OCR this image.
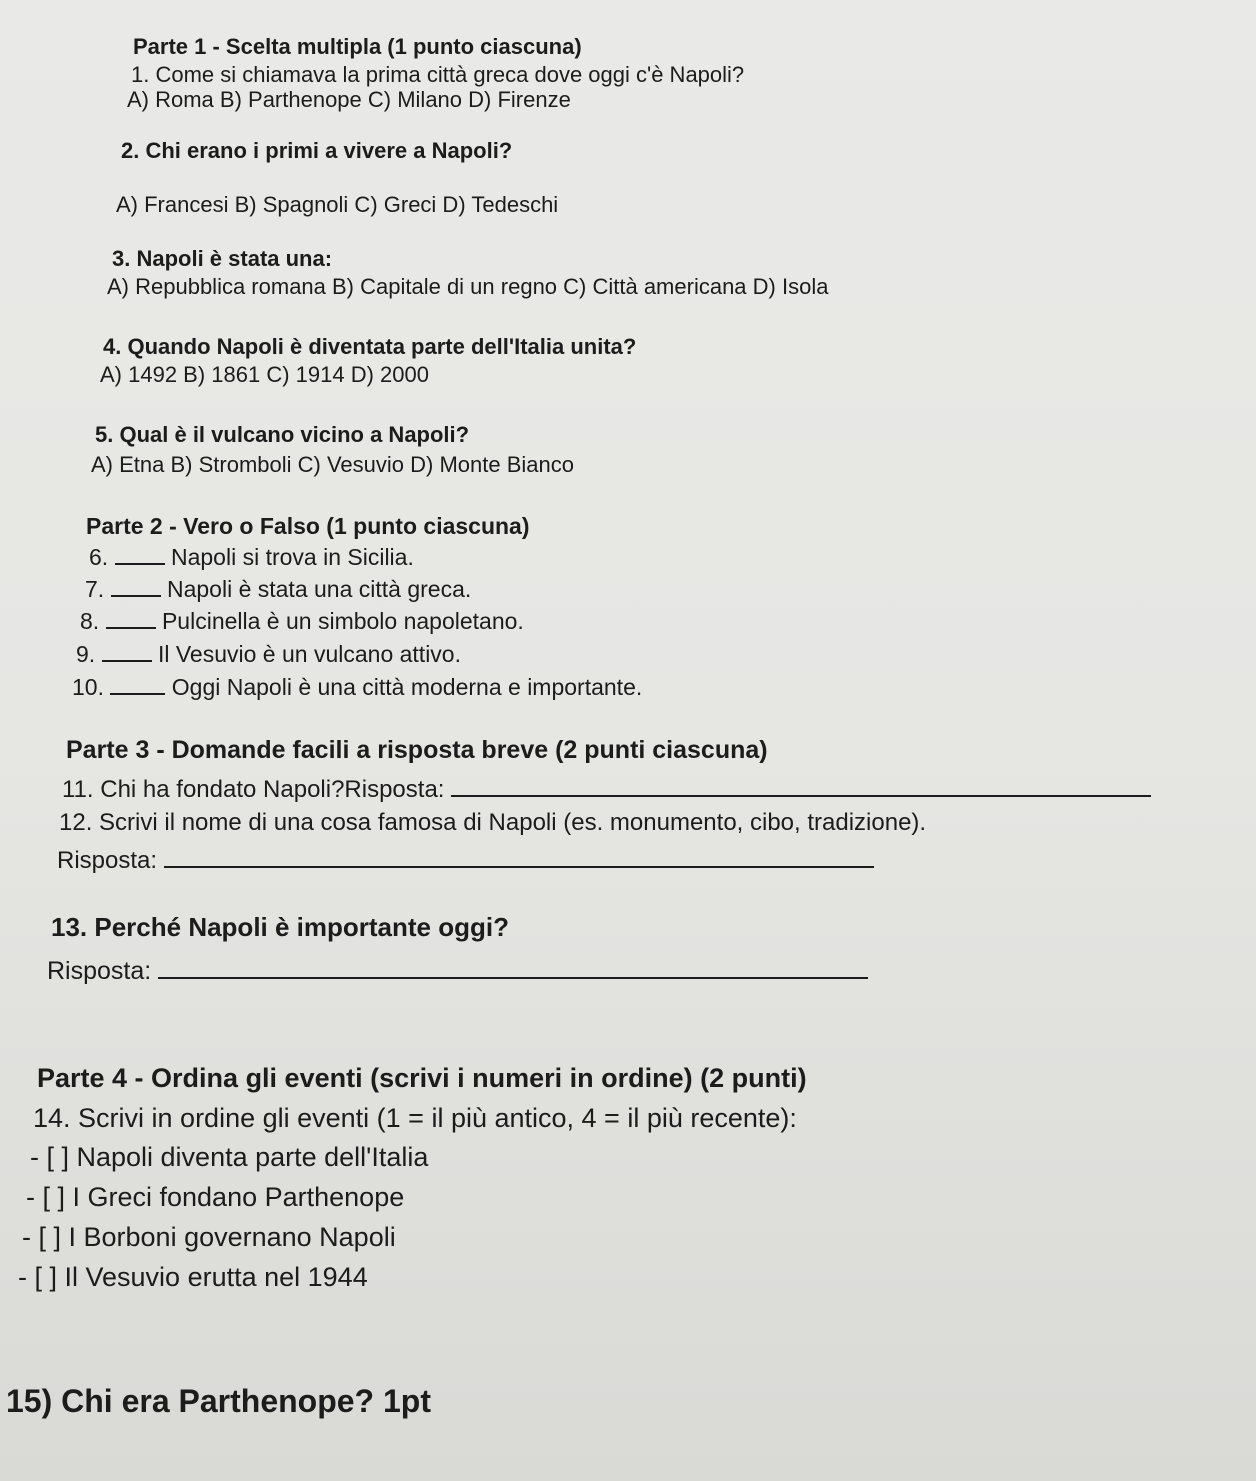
Parte 1 - Scelta multipla (1 punto ciascuna)
1. Come si chiamava la prima città greca dove oggi c'è Napoli?
A) Roma B) Parthenope C) Milano D) Firenze
2. Chi erano i primi a vivere a Napoli?
A) Francesi B) Spagnoli C) Greci D) Tedeschi
3. Napoli è stata una:
A) Repubblica romana B) Capitale di un regno C) Città americana D) Isola
4. Quando Napoli è diventata parte dell'Italia unita?
A) 1492 B) 1861 C) 1914 D) 2000
5. Qual è il vulcano vicino a Napoli?
A) Etna B) Stromboli C) Vesuvio D) Monte Bianco
Parte 2 - Vero o Falso (1 punto ciascuna)
6.	Napoli si trova in Sicilia.
7.	Napoli è stata una città greca.
8.	Pulcinella è un simbolo napoletano.
9.	Il Vesuvio è un vulcano attivo.
10.	Oggi Napoli è una città moderna e importante.
Parte 3 - Domande facili a risposta breve (2 punti ciascuna)
11. Chi ha fondato Napoli?Risposta:
12. Scrivi il nome di una cosa famosa di Napoli (es. monumento, cibo, tradizione).
Risposta:
13. Perché Napoli è importante oggi?
Risposta:
Parte 4 - Ordina gli eventi (scrivi i numeri in ordine) (2 punti)
14. Scrivi in ordine gli eventi (1 = il più antico, 4 = il più recente):
- [ ] Napoli diventa parte dell'Italia
- [ ] I Greci fondano Parthenope
- [ ] I Borboni governano Napoli
- [ ] Il Vesuvio erutta nel 1944
15) Chi era Parthenope? 1pt
